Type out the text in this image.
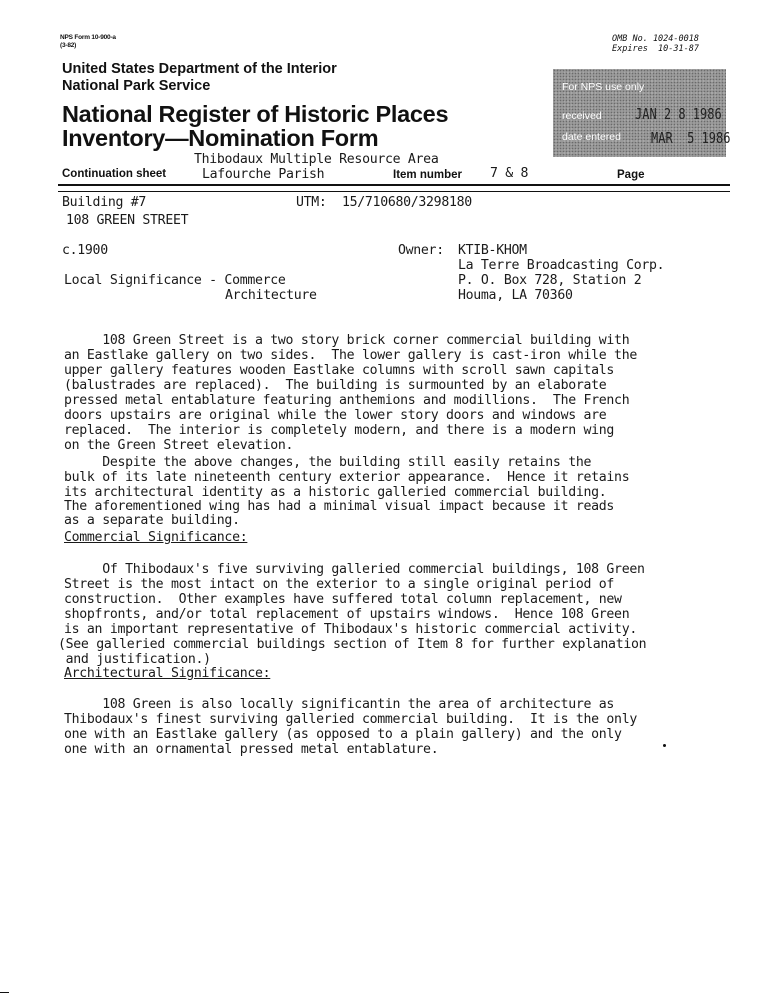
NPS Form 10-900-a
(3-82)
OMB No. 1024-0018
Expires  10-31-87
United States Department of the Interior
National Park Service
National Register of Historic Places
Inventory—Nomination Form
For NPS use only
received JAN 2 8 1986
date entered MAR  5 1986
Thibodaux Multiple Resource Area
Lafourche Parish
Continuation sheet	Item number 7 & 8	Page
Building #7	UTM: 15/710680/3298180
108 GREEN STREET
c.1900	Owner: KTIB-KHOM
La Terre Broadcasting Corp.
P. O. Box 728, Station 2
Houma, LA 70360
Local Significance - Commerce
Architecture
108 Green Street is a two story brick corner commercial building with
an Eastlake gallery on two sides.  The lower gallery is cast-iron while the
upper gallery features wooden Eastlake columns with scroll sawn capitals
(balustrades are replaced).  The building is surmounted by an elaborate
pressed metal entablature featuring anthemions and modillions.  The French
doors upstairs are original while the lower story doors and windows are
replaced.  The interior is completely modern, and there is a modern wing
on the Green Street elevation.
Despite the above changes, the building still easily retains the
bulk of its late nineteenth century exterior appearance.  Hence it retains
its architectural identity as a historic galleried commercial building.
The aforementioned wing has had a minimal visual impact because it reads
as a separate building.
Commercial Significance:
Of Thibodaux's five surviving galleried commercial buildings, 108 Green
Street is the most intact on the exterior to a single original period of
construction.  Other examples have suffered total column replacement, new
shopfronts, and/or total replacement of upstairs windows.  Hence 108 Green
is an important representative of Thibodaux's historic commercial activity.
(See galleried commercial buildings section of Item 8 for further explanation
and justification.)
Architectural Significance:
108 Green is also locally significantin the area of architecture as
Thibodaux's finest surviving galleried commercial building.  It is the only
one with an Eastlake gallery (as opposed to a plain gallery) and the only
one with an ornamental pressed metal entablature.
